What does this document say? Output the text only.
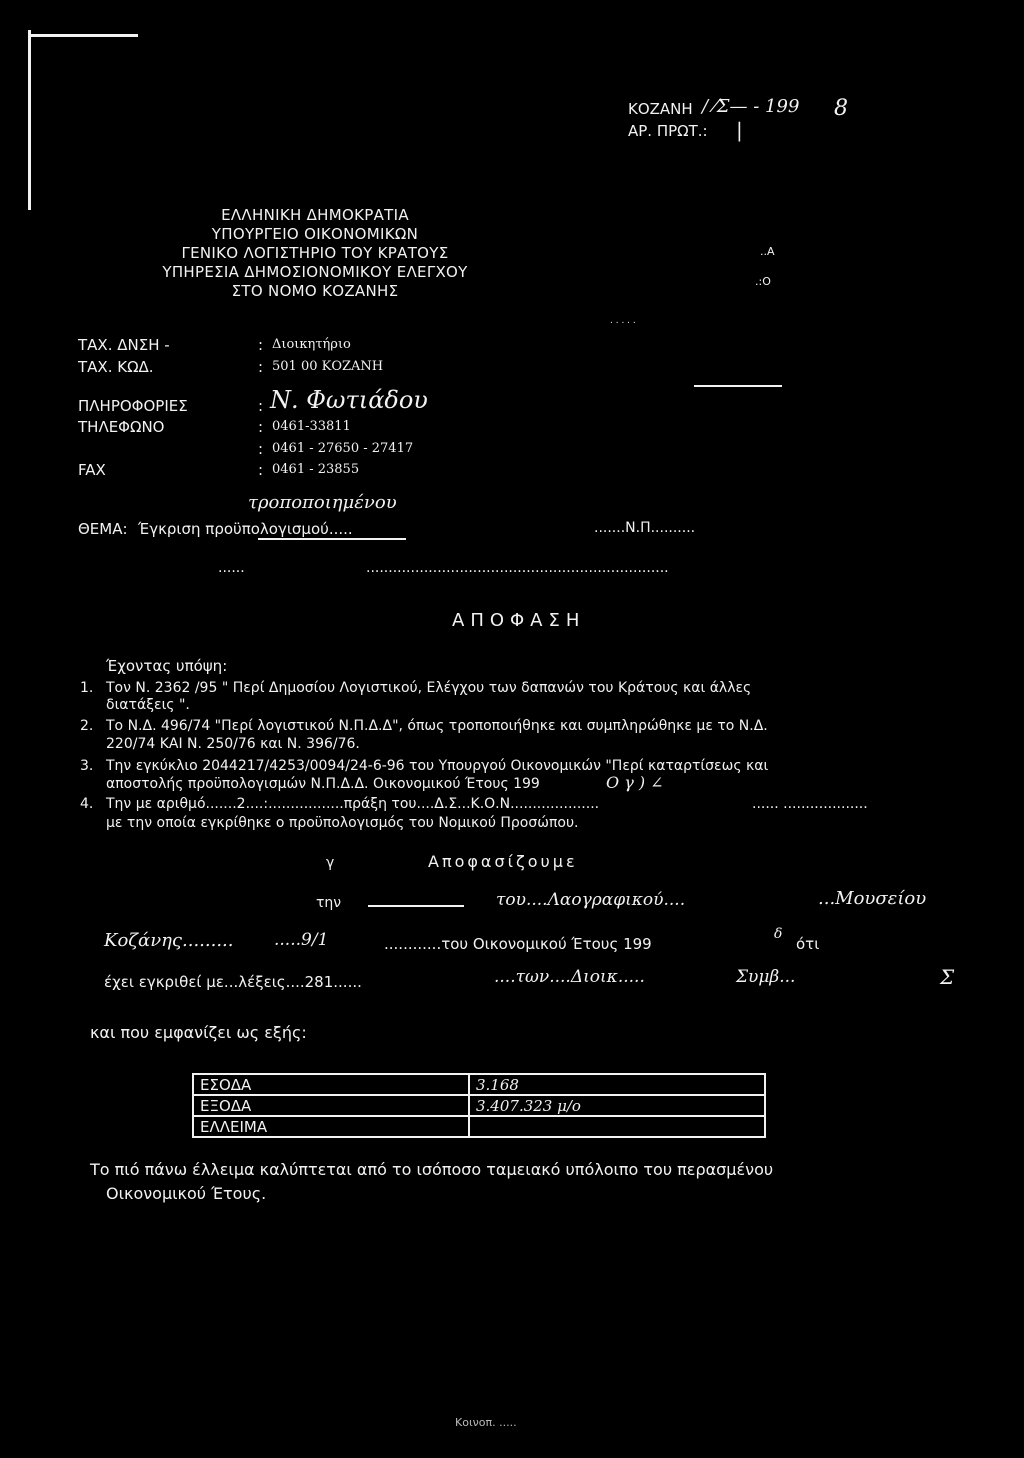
ΚΟΖΑΝΗ / ⁄Σ— - 199 8
ΑΡ. ΠΡΩΤ.: |
ΕΛΛΗΝΙΚΗ ΔΗΜΟΚΡΑΤΙΑ
ΥΠΟΥΡΓΕΙΟ ΟΙΚΟΝΟΜΙΚΩΝ
ΓΕΝΙΚΟ ΛΟΓΙΣΤΗΡΙΟ ΤΟΥ ΚΡΑΤΟΥΣ
ΥΠΗΡΕΣΙΑ ΔΗΜΟΣΙΟΝΟΜΙΚΟΥ ΕΛΕΓΧΟΥ
ΣΤΟ ΝΟΜΟ ΚΟΖΑΝΗΣ
..Α
.:Ο
. . . . .
ΤΑΧ. ΔΝΣΗ -	: Διοικητήριο
ΤΑΧ. ΚΩΔ.	: 501 00 ΚΟΖΑΝΗ
ΠΛΗΡΟΦΟΡΙΕΣ	: Ν. Φωτιάδου
ΤΗΛΕΦΩΝΟ	: 0461-33811
: 0461 - 27650 - 27417
FAX	: 0461 - 23855
τροποποιημένου
ΘΕΜΑ: Έγκριση προϋπολογισμού.....	.......Ν.Π..........
......	....................................................................
ΑΠΟΦΑΣΗ
Έχοντας υπόψη:
1. Τον Ν. 2362 /95 " Περί Δημοσίου Λογιστικού, Ελέγχου των δαπανών του Κράτους και άλλες
διατάξεις ".
2. Το Ν.Δ. 496/74 "Περί λογιστικού Ν.Π.Δ.Δ", όπως τροποποιήθηκε και συμπληρώθηκε με το Ν.Δ.
220/74 ΚΑΙ Ν. 250/76 και Ν. 396/76.
3. Την εγκύκλιο 2044217/4253/0094/24-6-96 του Υπουργού Οικονομικών "Περί καταρτίσεως και
αποστολής προϋπολογισμών Ν.Π.Δ.Δ. Οικονομικού Έτους 199	Ο γ ) ∠
4. Την με αριθμό.......2....:.................πράξη του....Δ.Σ...Κ.Ο.Ν....................	...... ...................
με την οποία εγκρίθηκε ο προϋπολογισμός του Νομικού Προσώπου.
γ	Αποφασίζουμε
την	του....Λαογραφικού....	...Μουσείου
Κοζάνης......... .....9/1	............του Οικονομικού Έτους 199
δ
ότι
έχει εγκριθεί με...λέξεις....281......	....των....Διοικ.....	Συμβ...	Σ
και που εμφανίζει ως εξής:
ΕΣΟΔΑ	3.168
ΕΞΟΔΑ	3.407.323 μ/ο
ΕΛΛΕΙΜΑ	
Το πιό πάνω έλλειμα καλύπτεται από το ισόποσο ταμειακό υπόλοιπο του περασμένου
Οικονομικού Έτους.
Κοινοπ. .....
